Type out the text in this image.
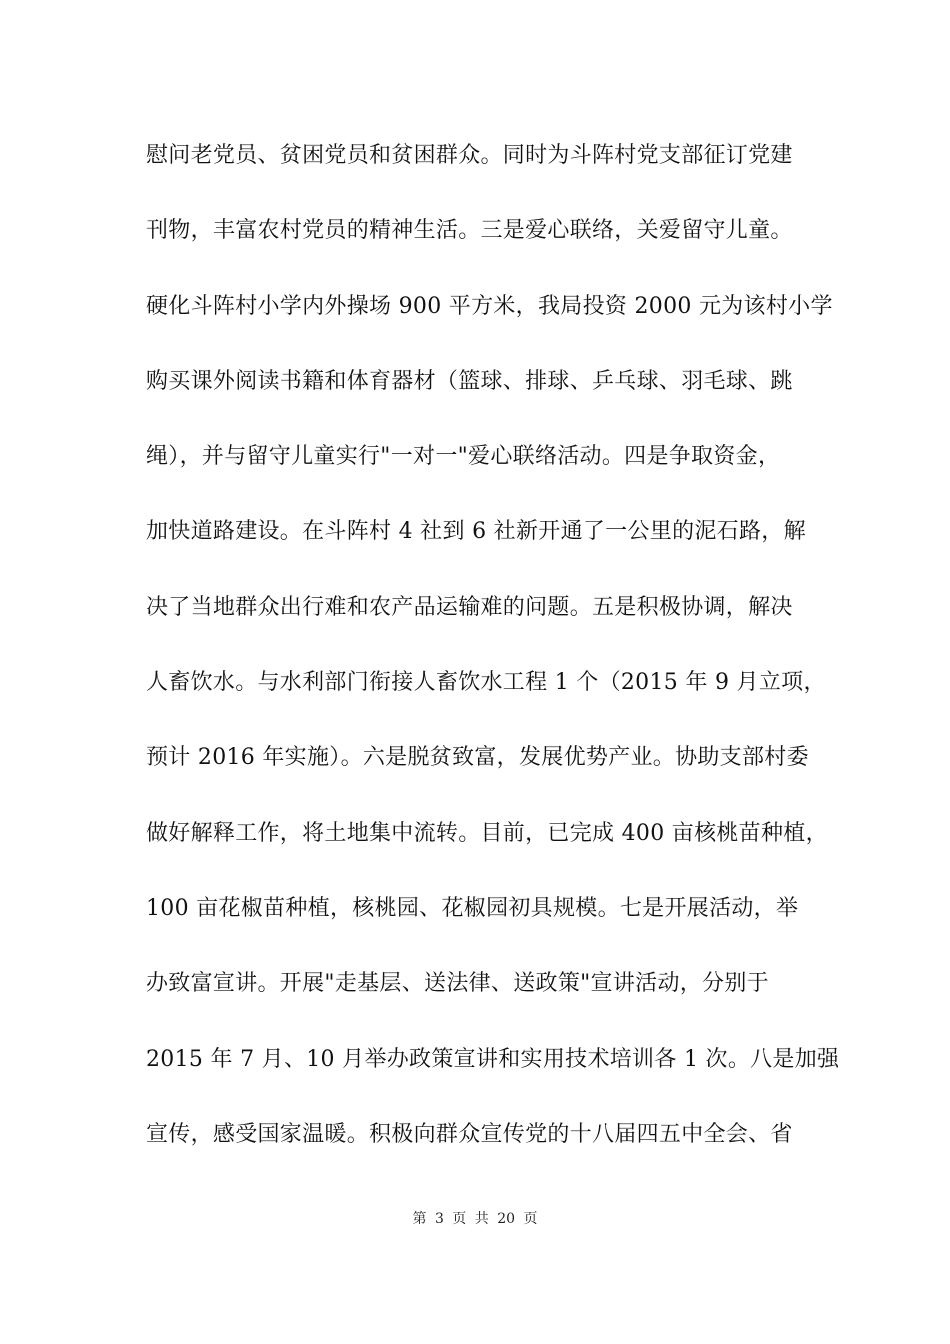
慰问老党员、贫困党员和贫困群众。同时为斗阵村党支部征订党建
刊物，丰富农村党员的精神生活。三是爱心联络，关爱留守儿童。
硬化斗阵村小学内外操场 900 平方米，我局投资 2000 元为该村小学
购买课外阅读书籍和体育器材（篮球、排球、乒乓球、羽毛球、跳
绳），并与留守儿童实行"一对一"爱心联络活动。四是争取资金，
加快道路建设。在斗阵村 4 社到 6 社新开通了一公里的泥石路，解
决了当地群众出行难和农产品运输难的问题。五是积极协调，解决
人畜饮水。与水利部门衔接人畜饮水工程 1 个（2015 年 9 月立项，
预计 2016 年实施）。六是脱贫致富，发展优势产业。协助支部村委
做好解释工作，将土地集中流转。目前，已完成 400 亩核桃苗种植，
100 亩花椒苗种植，核桃园、花椒园初具规模。七是开展活动，举
办致富宣讲。开展"走基层、送法律、送政策"宣讲活动，分别于
2015 年 7 月、10 月举办政策宣讲和实用技术培训各 1 次。八是加强
宣传，感受国家温暖。积极向群众宣传党的十八届四五中全会、省
第 3 页 共 20 页
